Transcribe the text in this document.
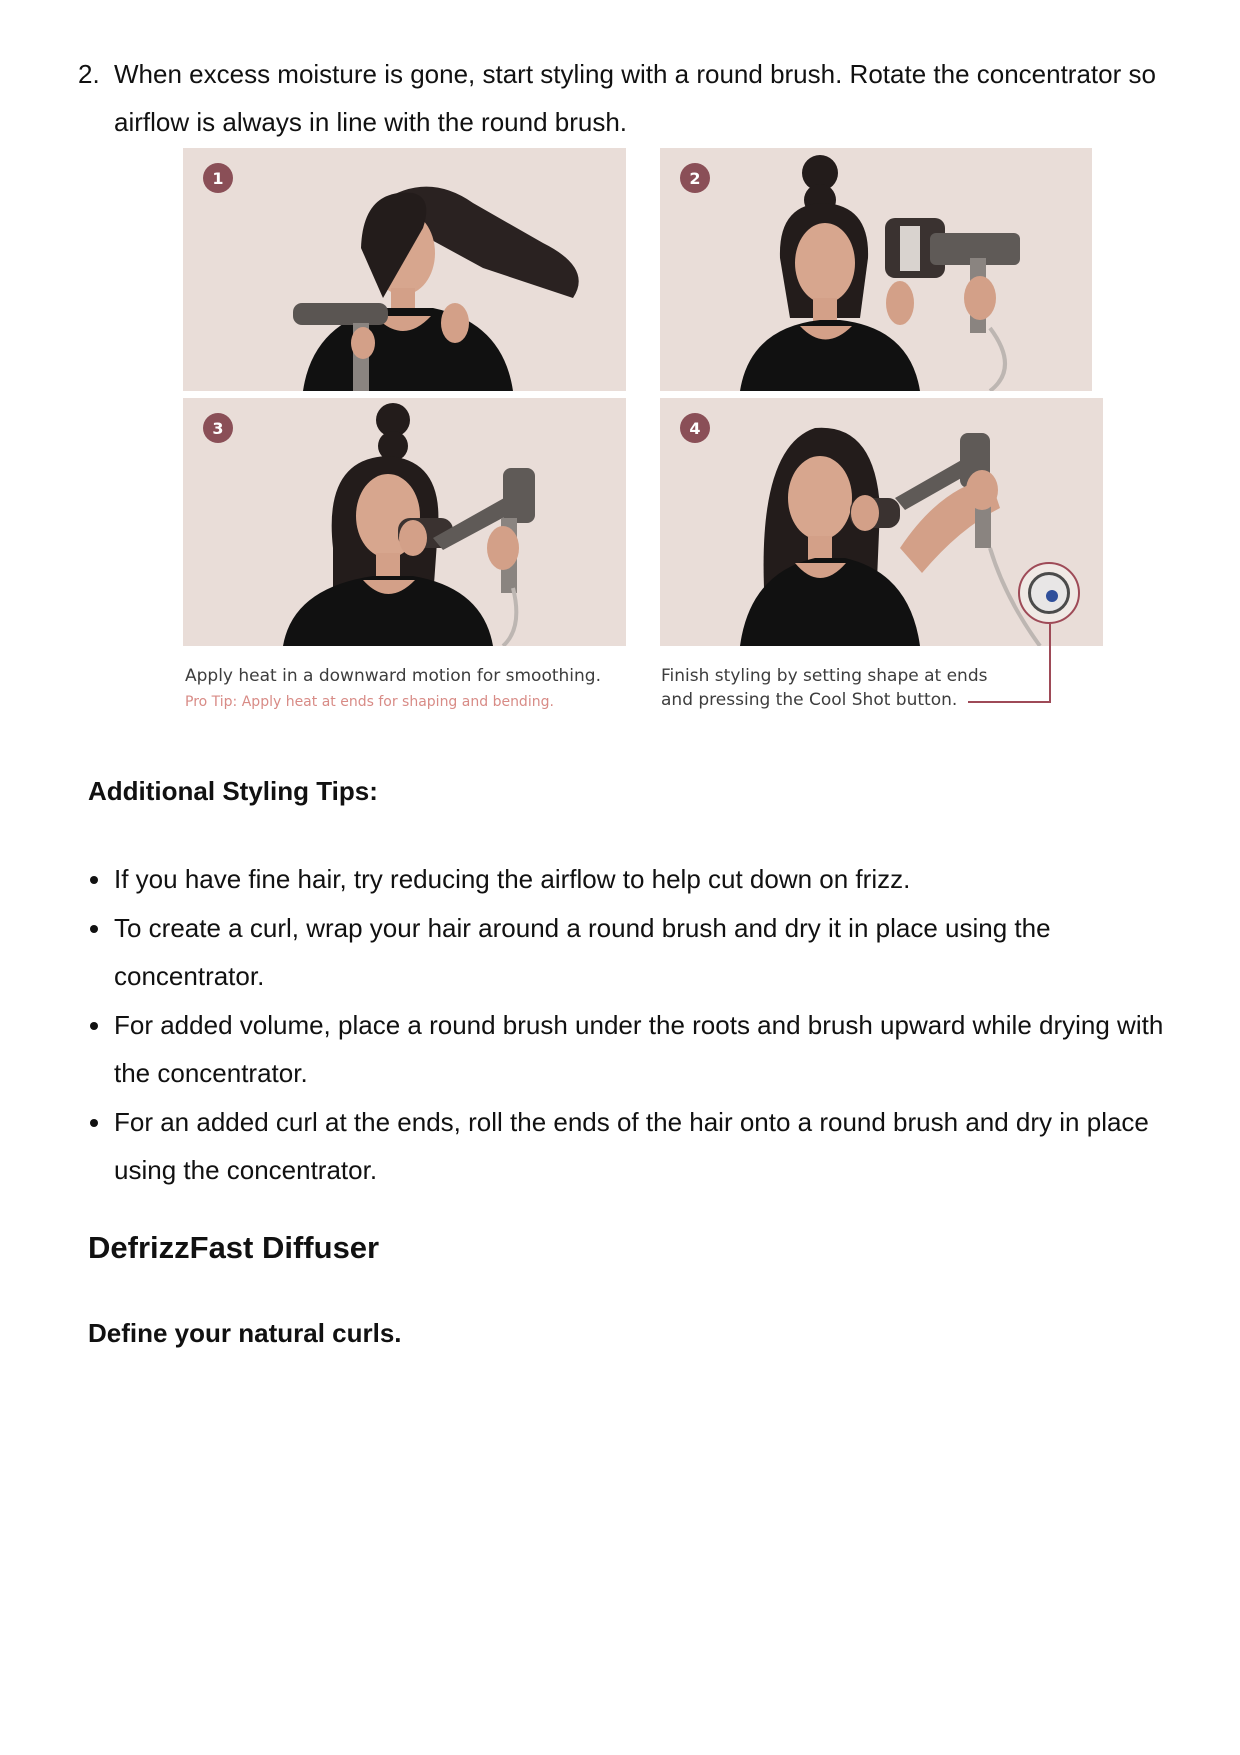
2. When excess moisture is gone, start styling with a round brush. Rotate the concentrator so airflow is always in line with the round brush.
1	2
3	4
Apply heat in a downward motion for smoothing.
Pro Tip: Apply heat at ends for shaping and bending.
Finish styling by setting shape at ends
and pressing the Cool Shot button.
Additional Styling Tips:
If you have fine hair, try reducing the airflow to help cut down on frizz.
To create a curl, wrap your hair around a round brush and dry it in place using the concentrator.
For added volume, place a round brush under the roots and brush upward while drying with the concentrator.
For an added curl at the ends, roll the ends of the hair onto a round brush and dry in place using the concentrator.
DefrizzFast Diffuser
Define your natural curls.
